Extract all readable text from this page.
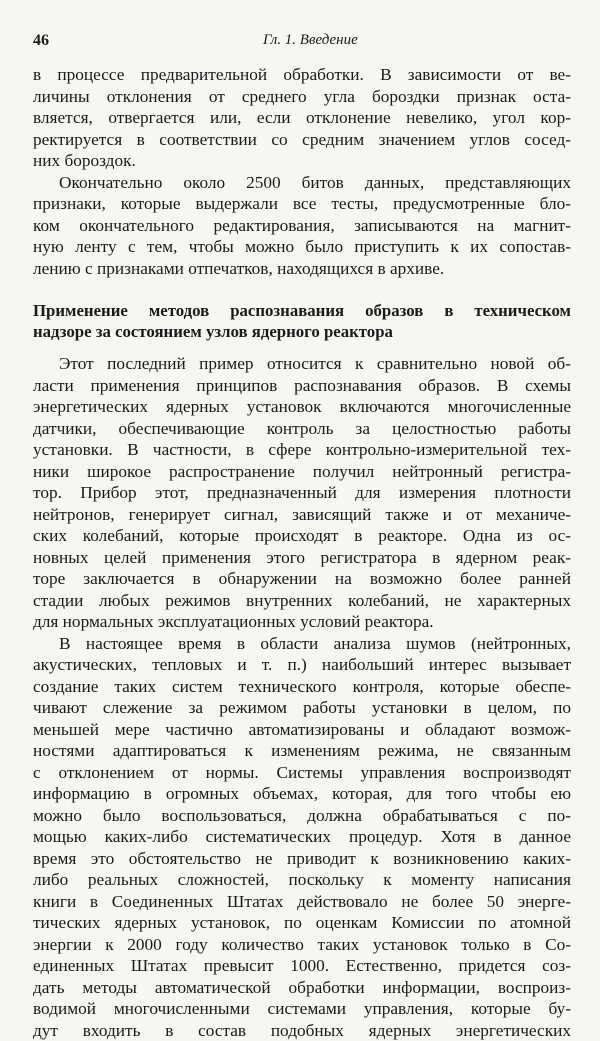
46	Гл. 1. Введение
в процессе предварительной обработки. В зависимости от ве-
личины отклонения от среднего угла бороздки признак оста-
вляется, отвергается или, если отклонение невелико, угол кор-
ректируется в соответствии со средним значением углов сосед-
них бороздок.
Окончательно около 2500 битов данных, представляющих
признаки, которые выдержали все тесты, предусмотренные бло-
ком окончательного редактирования, записываются на магнит-
ную ленту с тем, чтобы можно было приступить к их сопостав-
лению с признаками отпечатков, находящихся в архиве.
Применение методов распознавания образов в техническом
надзоре за состоянием узлов ядерного реактора
Этот последний пример относится к сравнительно новой об-
ласти применения принципов распознавания образов. В схемы
энергетических ядерных установок включаются многочисленные
датчики, обеспечивающие контроль за целостностью работы
установки. В частности, в сфере контрольно-измерительной тех-
ники широкое распространение получил нейтронный регистра-
тор. Прибор этот, предназначенный для измерения плотности
нейтронов, генерирует сигнал, зависящий также и от механиче-
ских колебаний, которые происходят в реакторе. Одна из ос-
новных целей применения этого регистратора в ядерном реак-
торе заключается в обнаружении на возможно более ранней
стадии любых режимов внутренних колебаний, не характерных
для нормальных эксплуатационных условий реактора.
В настоящее время в области анализа шумов (нейтронных,
акустических, тепловых и т. п.) наибольший интерес вызывает
создание таких систем технического контроля, которые обеспе-
чивают слежение за режимом работы установки в целом, по
меньшей мере частично автоматизированы и обладают возмож-
ностями адаптироваться к изменениям режима, не связанным
с отклонением от нормы. Системы управления воспроизводят
информацию в огромных объемах, которая, для того чтобы ею
можно было воспользоваться, должна обрабатываться с по-
мощью каких-либо систематических процедур. Хотя в данное
время это обстоятельство не приводит к возникновению каких-
либо реальных сложностей, поскольку к моменту написания
книги в Соединенных Штатах действовало не более 50 энерге-
тических ядерных установок, по оценкам Комиссии по атомной
энергии к 2000 году количество таких установок только в Со-
единенных Штатах превысит 1000. Естественно, придется соз-
дать методы автоматической обработки информации, воспроиз-
водимой многочисленными системами управления, которые бу-
дут входить в состав подобных ядерных энергетических
